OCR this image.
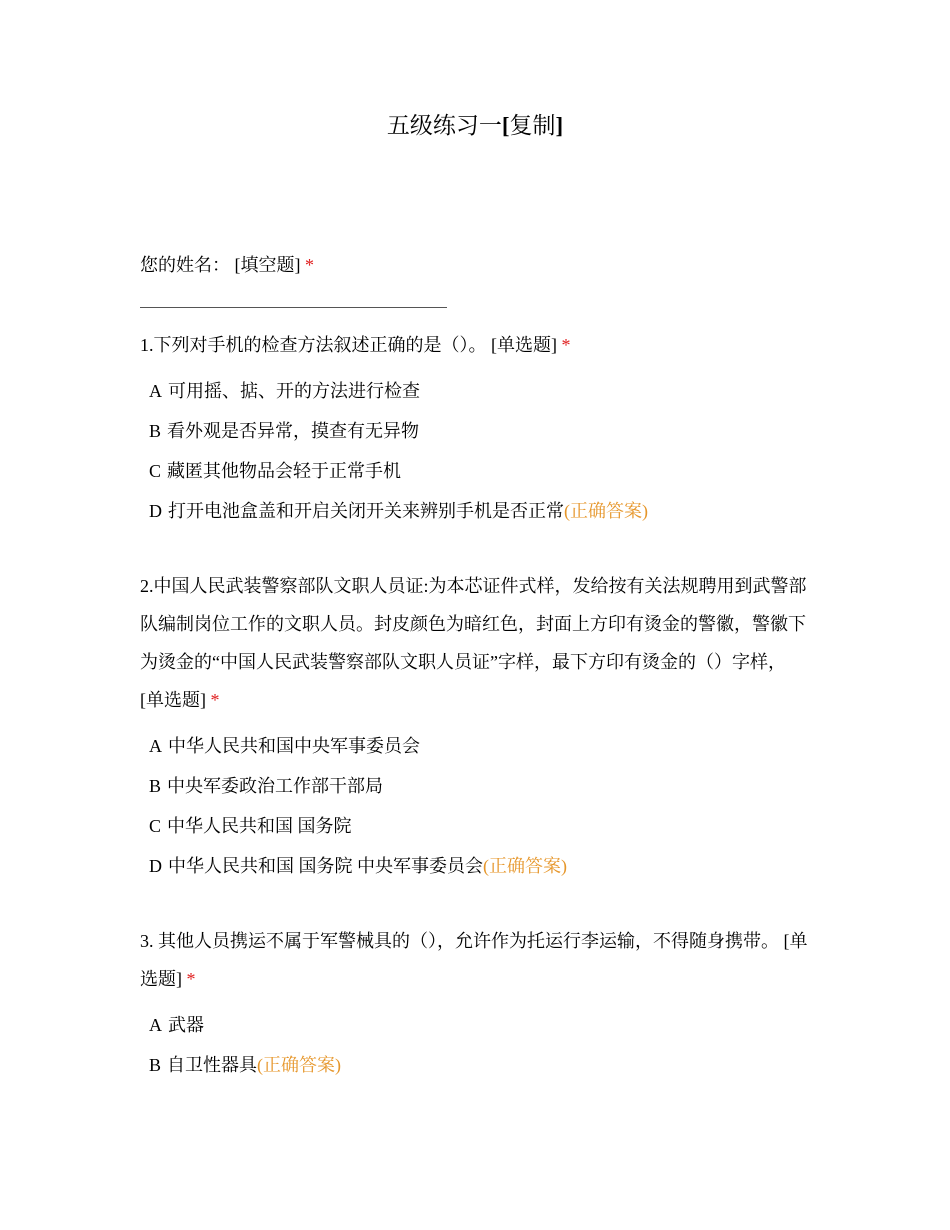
五级练习一[复制]
您的姓名： [填空题] *
1.下列对手机的检查方法叙述正确的是（）。 [单选题] *
A 可用摇、掂、开的方法进行检查
B 看外观是否异常，摸查有无异物
C 藏匿其他物品会轻于正常手机
D 打开电池盒盖和开启关闭开关来辨别手机是否正常(正确答案)
2.中国人民武装警察部队文职人员证:为本芯证件式样，发给按有关法规聘用到武警部队编制岗位工作的文职人员。封皮颜色为暗红色，封面上方印有烫金的警徽，警徽下为烫金的“中国人民武装警察部队文职人员证”字样，最下方印有烫金的（）字样， [单选题] *
A 中华人民共和国中央军事委员会
B 中央军委政治工作部干部局
C 中华人民共和国 国务院
D 中华人民共和国 国务院 中央军事委员会(正确答案)
3. 其他人员携运不属于军警械具的（），允许作为托运行李运输，不得随身携带。 [单选题] *
A 武器
B 自卫性器具(正确答案)
